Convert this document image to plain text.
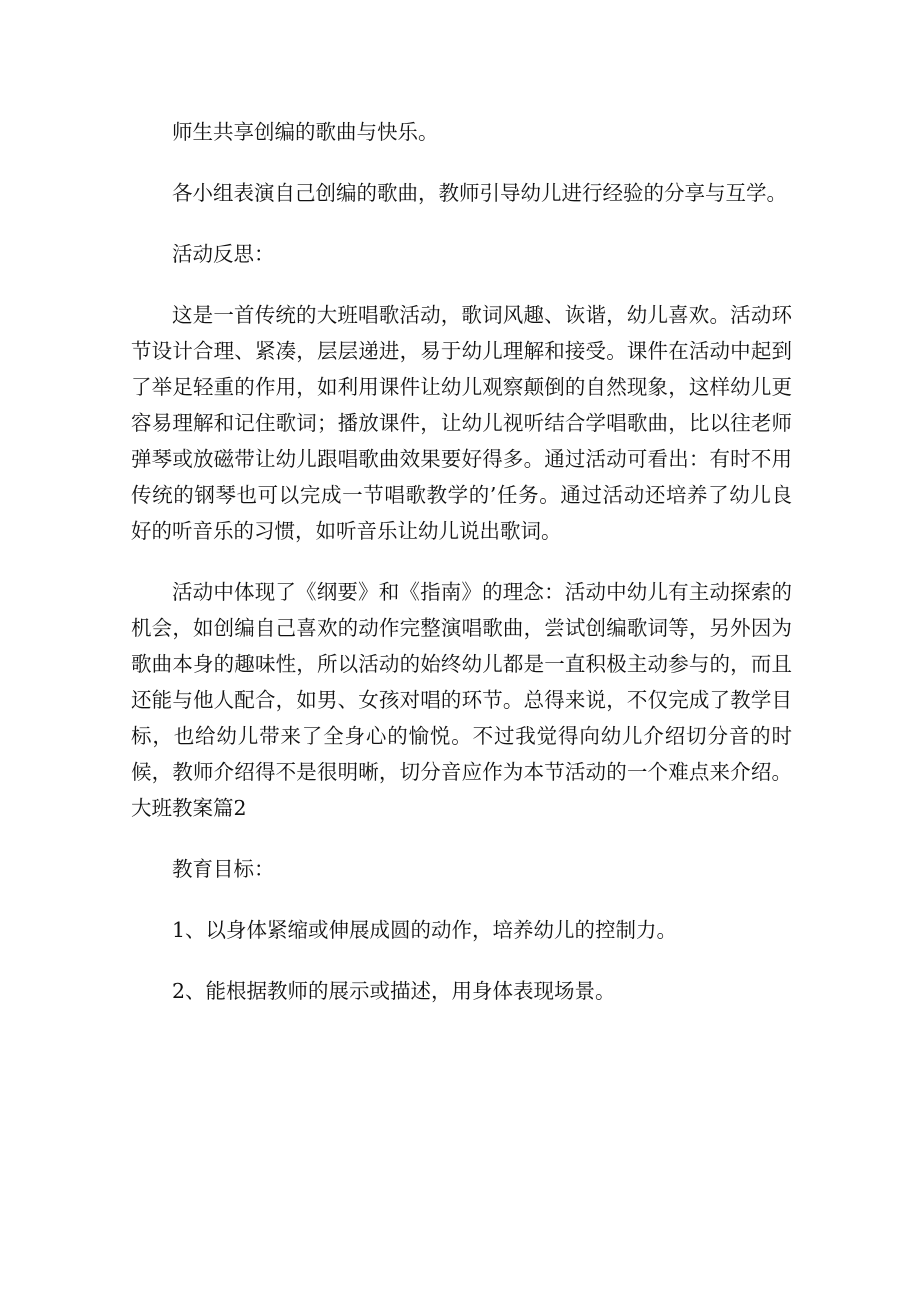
师生共享创编的歌曲与快乐。

各小组表演自己创编的歌曲，教师引导幼儿进行经验的分享与互学。

活动反思：

这是一首传统的大班唱歌活动，歌词风趣、诙谐，幼儿喜欢。活动环节设计合理、紧凑，层层递进，易于幼儿理解和接受。课件在活动中起到了举足轻重的作用，如利用课件让幼儿观察颠倒的自然现象，这样幼儿更容易理解和记住歌词；播放课件，让幼儿视听结合学唱歌曲，比以往老师弹琴或放磁带让幼儿跟唱歌曲效果要好得多。通过活动可看出：有时不用传统的钢琴也可以完成一节唱歌教学的’任务。通过活动还培养了幼儿良好的听音乐的习惯，如听音乐让幼儿说出歌词。

活动中体现了《纲要》和《指南》的理念：活动中幼儿有主动探索的机会，如创编自己喜欢的动作完整演唱歌曲，尝试创编歌词等，另外因为歌曲本身的趣味性，所以活动的始终幼儿都是一直积极主动参与的，而且还能与他人配合，如男、女孩对唱的环节。总得来说，不仅完成了教学目标，也给幼儿带来了全身心的愉悦。不过我觉得向幼儿介绍切分音的时候，教师介绍得不是很明晰，切分音应作为本节活动的一个难点来介绍。大班教案篇2

教育目标：

1、以身体紧缩或伸展成圆的动作，培养幼儿的控制力。

2、能根据教师的展示或描述，用身体表现场景。
